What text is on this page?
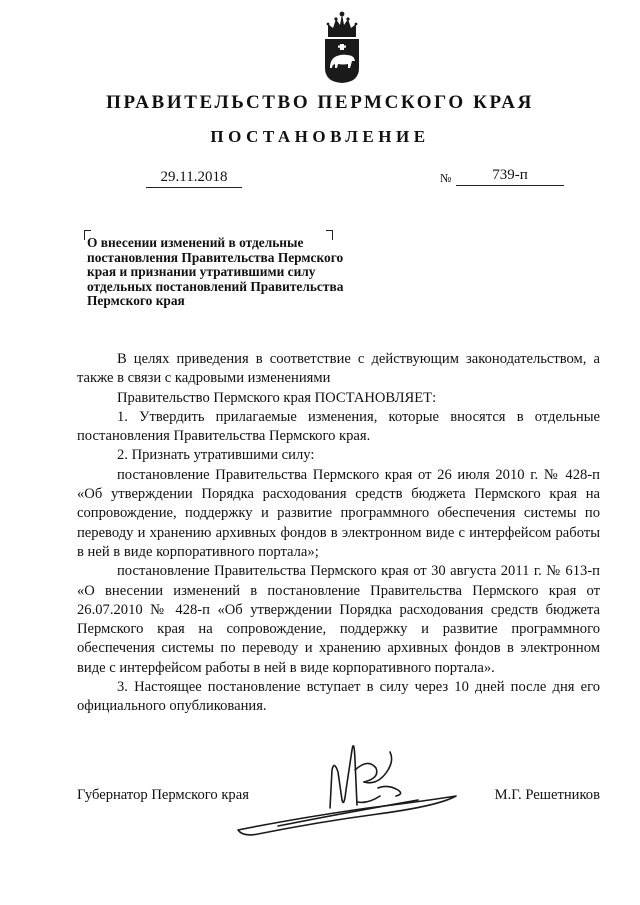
ПРАВИТЕЛЬСТВО ПЕРМСКОГО КРАЯ
ПОСТАНОВЛЕНИЕ
29.11.2018	№	739-п
О внесении изменений в отдельные постановления Правительства Пермского края и признании утратившими силу отдельных постановлений Правительства Пермского края

В целях приведения в соответствие с действующим законодательством, а также в связи с кадровыми изменениями

Правительство Пермского края ПОСТАНОВЛЯЕТ:

1. Утвердить прилагаемые изменения, которые вносятся в отдельные постановления Правительства Пермского края.

2. Признать утратившими силу:

постановление Правительства Пермского края от 26 июля 2010 г. № 428-п «Об утверждении Порядка расходования средств бюджета Пермского края на сопровождение, поддержку и развитие программного обеспечения системы по переводу и хранению архивных фондов в электронном виде с интерфейсом работы в ней в виде корпоративного портала»;

постановление Правительства Пермского края от 30 августа 2011 г. № 613-п «О внесении изменений в постановление Правительства Пермского края от 26.07.2010 № 428-п «Об утверждении Порядка расходования средств бюджета Пермского края на сопровождение, поддержку и развитие программного обеспечения системы по переводу и хранению архивных фондов в электронном виде с интерфейсом работы в ней в виде корпоративного портала».

3. Настоящее постановление вступает в силу через 10 дней после дня его официального опубликования.

Губернатор Пермского края	М.Г. Решетников
